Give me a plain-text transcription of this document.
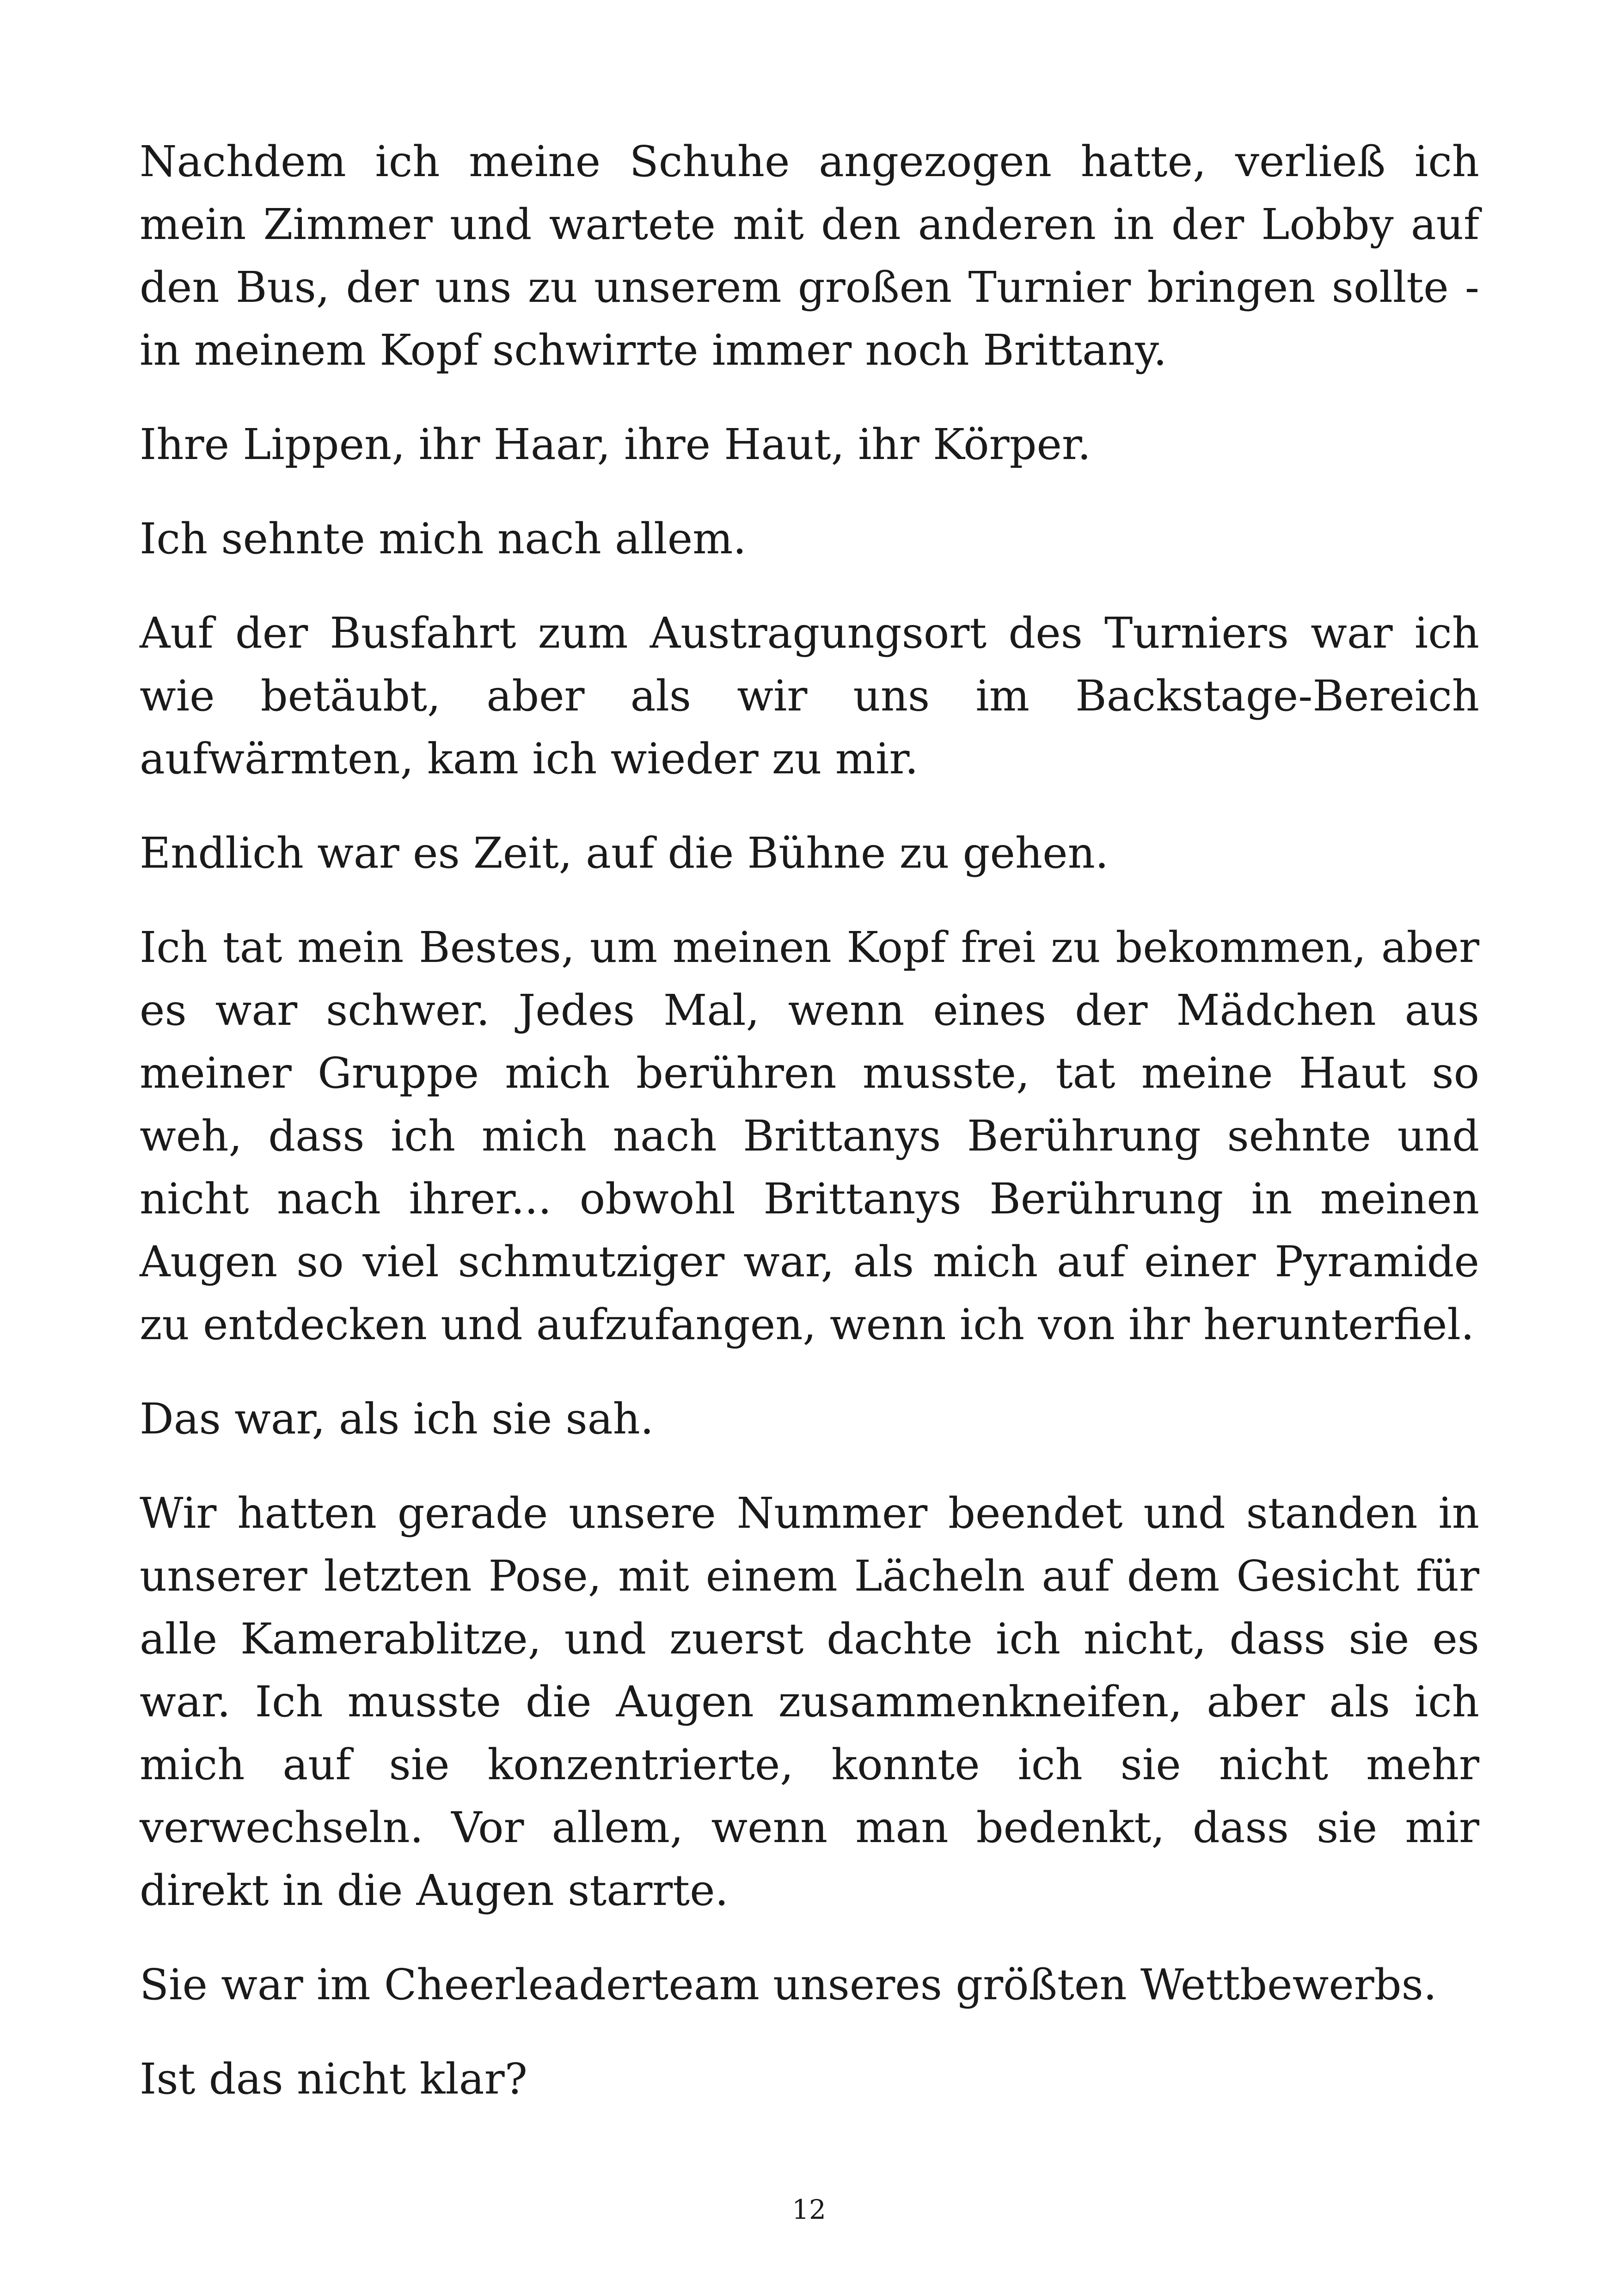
Nachdem ich meine Schuhe angezogen hatte, verließ ich mein Zimmer und wartete mit den anderen in der Lobby auf den Bus, der uns zu unserem großen Turnier bringen sollte - in meinem Kopf schwirrte immer noch Brittany.

Ihre Lippen, ihr Haar, ihre Haut, ihr Körper.

Ich sehnte mich nach allem.

Auf der Busfahrt zum Austragungsort des Turniers war ich wie betäubt, aber als wir uns im Backstage-Bereich aufwärmten, kam ich wieder zu mir.

Endlich war es Zeit, auf die Bühne zu gehen.

Ich tat mein Bestes, um meinen Kopf frei zu bekommen, aber es war schwer. Jedes Mal, wenn eines der Mädchen aus meiner Gruppe mich berühren musste, tat meine Haut so weh, dass ich mich nach Brittanys Berührung sehnte und nicht nach ihrer... obwohl Brittanys Berührung in meinen Augen so viel schmutziger war, als mich auf einer Pyramide zu entdecken und aufzufangen, wenn ich von ihr herunterfiel.

Das war, als ich sie sah.

Wir hatten gerade unsere Nummer beendet und standen in unserer letzten Pose, mit einem Lächeln auf dem Gesicht für alle Kamerablitze, und zuerst dachte ich nicht, dass sie es war. Ich musste die Augen zusammenkneifen, aber als ich mich auf sie konzentrierte, konnte ich sie nicht mehr verwechseln. Vor allem, wenn man bedenkt, dass sie mir direkt in die Augen starrte.

Sie war im Cheerleaderteam unseres größten Wettbewerbs.

Ist das nicht klar?

12
